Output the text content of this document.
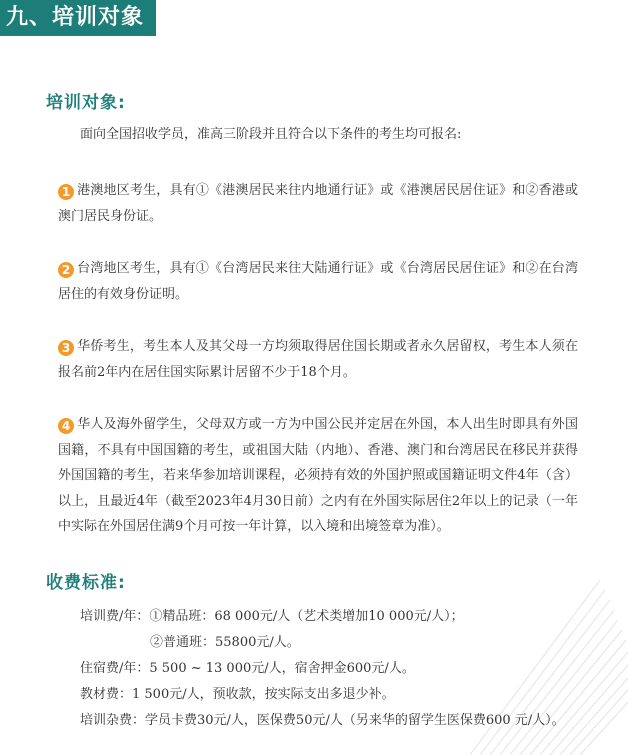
九、培训对象
培训对象:
面向全国招收学员，准高三阶段并且符合以下条件的考生均可报名:
1 港澳地区考生，具有①《港澳居民来往内地通行证》或《港澳居民居住证》和②香港或澳门居民身份证。
2 台湾地区考生，具有①《台湾居民来往大陆通行证》或《台湾居民居住证》和②在台湾居住的有效身份证明。
3 华侨考生，考生本人及其父母一方均须取得居住国长期或者永久居留权，考生本人须在报名前2年内在居住国实际累计居留不少于18个月。
4 华人及海外留学生，父母双方或一方为中国公民并定居在外国，本人出生时即具有外国国籍，不具有中国国籍的考生，或祖国大陆（内地）、香港、澳门和台湾居民在移民并获得外国国籍的考生，若来华参加培训课程，必须持有效的外国护照或国籍证明文件4年（含）以上，且最近4年（截至2023年4月30日前）之内有在外国实际居住2年以上的记录（一年中实际在外国居住满9个月可按一年计算，以入境和出境签章为准）。
收费标准:
培训费/年：①精品班：68 000元/人（艺术类增加10 000元/人）；
②普通班：55800元/人。
住宿费/年：5 500 ~ 13 000元/人，宿舍押金600元/人。
教材费：1 500元/人，预收款，按实际支出多退少补。
培训杂费：学员卡费30元/人，医保费50元/人（另来华的留学生医保费600 元/人）。
